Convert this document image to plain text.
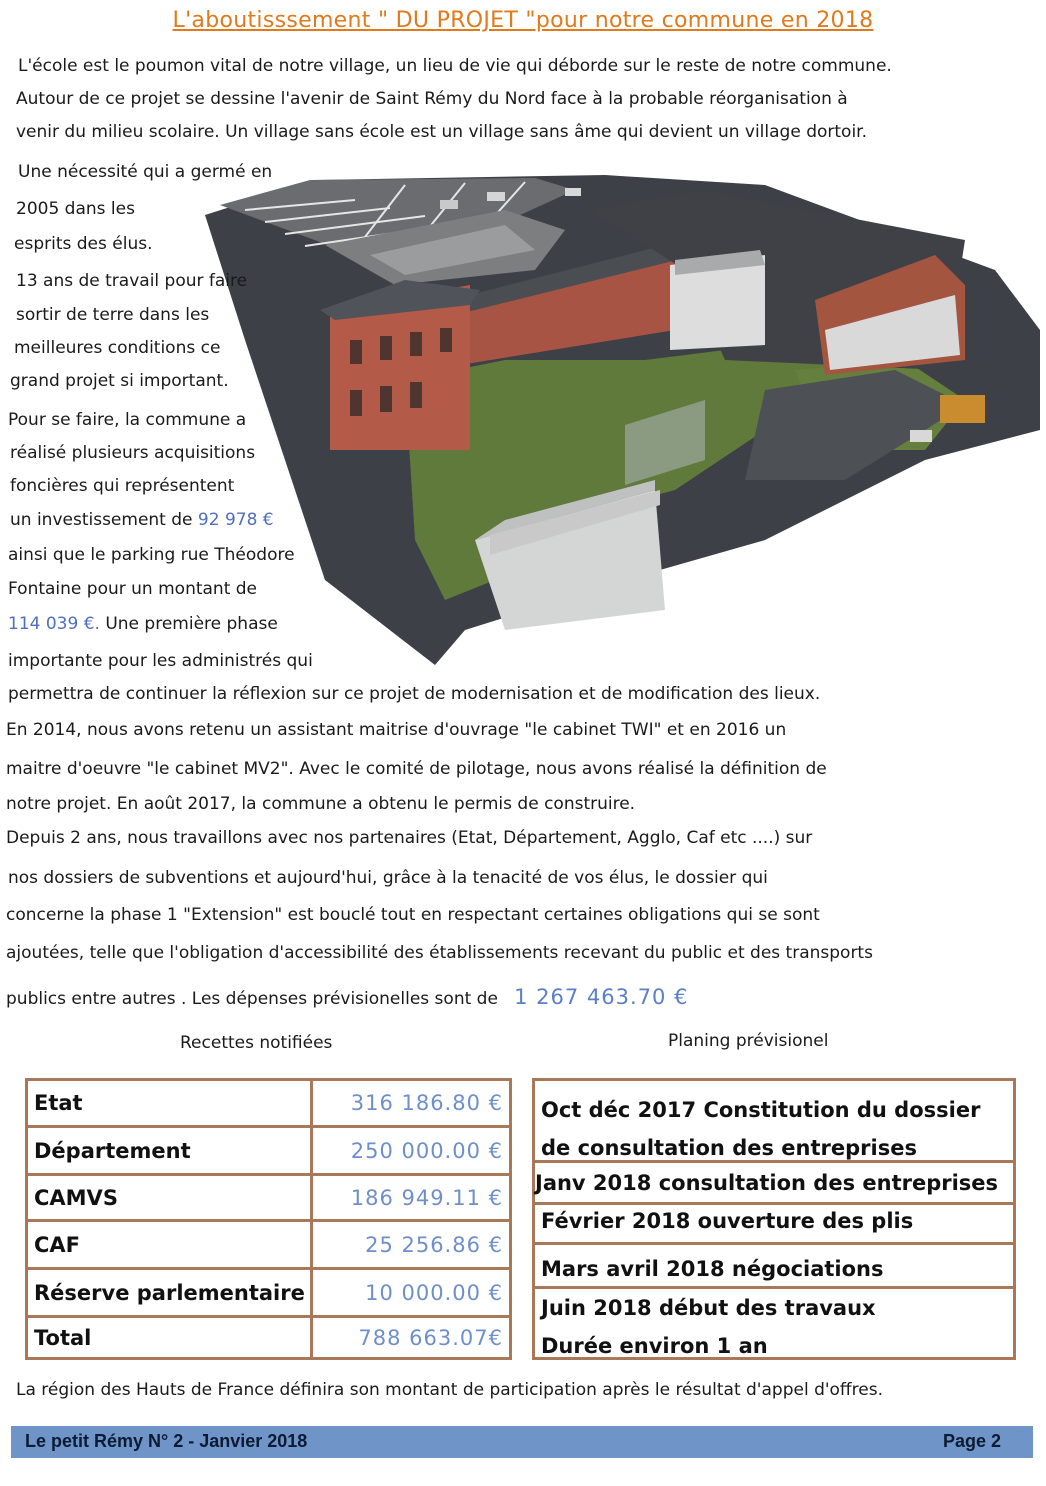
L'aboutisssement " DU PROJET "pour notre commune en 2018
L'école est le poumon vital de notre village, un lieu de vie qui déborde sur le reste de notre commune.
Autour de ce projet se dessine l'avenir de Saint Rémy du Nord face à la probable réorganisation à
venir du milieu scolaire. Un village sans école est un village sans âme qui devient un village dortoir.
Une nécessité qui a germé en
2005 dans les
esprits des élus.
13 ans de travail pour faire
sortir de terre dans les
meilleures conditions ce
grand projet si important.
Pour se faire, la commune a
réalisé plusieurs acquisitions
foncières qui représentent
un investissement de 92 978 €
ainsi que le parking rue Théodore
Fontaine pour un montant de
114 039 €. Une première phase
importante pour les administrés qui
permettra de continuer la réflexion sur ce projet de modernisation et de modification des lieux.
En 2014, nous avons retenu un assistant maitrise d'ouvrage "le cabinet TWI" et en 2016 un
maitre d'oeuvre "le cabinet MV2". Avec le comité de pilotage, nous avons réalisé la définition de
notre projet. En août 2017, la commune a obtenu le permis de construire.
Depuis 2 ans, nous travaillons avec nos partenaires (Etat, Département, Agglo, Caf etc ....) sur
nos dossiers de subventions et aujourd'hui, grâce à la tenacité de vos élus, le dossier qui
concerne la phase 1 "Extension" est bouclé tout en respectant certaines obligations qui se sont
ajoutées, telle que l'obligation d'accessibilité des établissements recevant du public et des transports
publics entre autres . Les dépenses prévisionelles sont de 1 267 463.70 €
Recettes notifiées	Planing prévisionel
Etat	316 186.80 €
Département	250 000.00 €
CAMVS	186 949.11 €
CAF	25 256.86 €
Réserve parlementaire	10 000.00 €
Total	788 663.07€
Oct déc 2017 Constitution du dossier
de consultation des entreprises
Janv 2018 consultation des entreprises
Février 2018 ouverture des plis
Mars avril 2018 négociations
Juin 2018 début des travaux
Durée environ 1 an
La région des Hauts de France définira son montant de participation après le résultat d'appel d'offres.
Le petit Rémy N° 2 - Janvier 2018	Page 2
